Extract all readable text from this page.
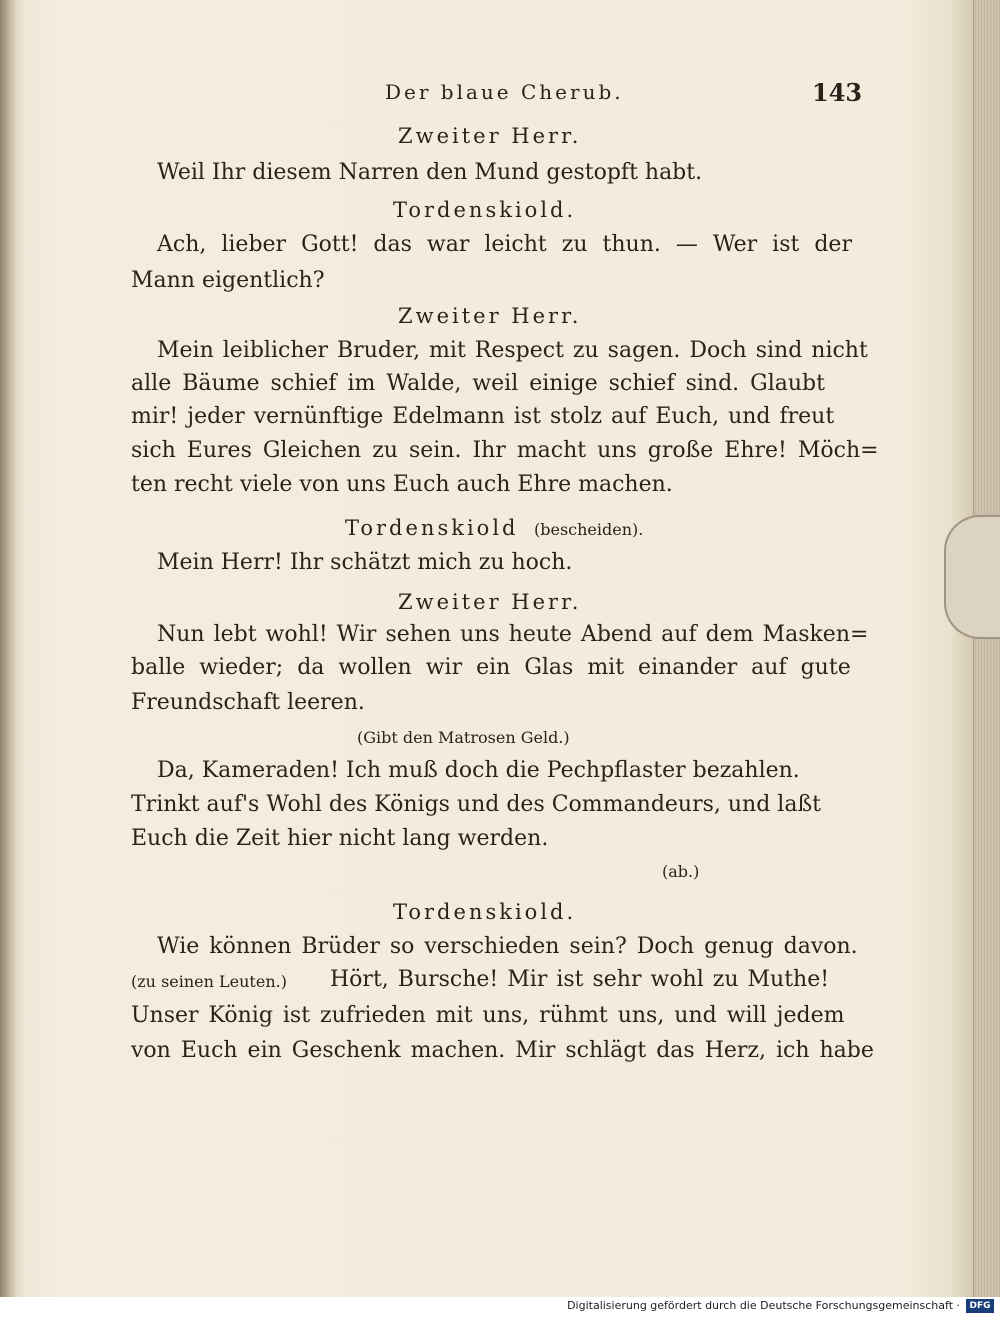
Der blaue Cherub.	143
Zweiter Herr.
Weil Ihr diesem Narren den Mund gestopft habt.
Tordenskiold.
Ach, lieber Gott! das war leicht zu thun. — Wer ist der
Mann eigentlich?
Zweiter Herr.
Mein leiblicher Bruder, mit Respect zu sagen. Doch sind nicht
alle Bäume schief im Walde, weil einige schief sind. Glaubt
mir! jeder vernünftige Edelmann ist stolz auf Euch, und freut
sich Eures Gleichen zu sein. Ihr macht uns große Ehre! Möch=
ten recht viele von uns Euch auch Ehre machen.
Tordenskiold (bescheiden).
Mein Herr! Ihr schätzt mich zu hoch.
Zweiter Herr.
Nun lebt wohl! Wir sehen uns heute Abend auf dem Masken=
balle wieder; da wollen wir ein Glas mit einander auf gute
Freundschaft leeren.
(Gibt den Matrosen Geld.)
Da, Kameraden! Ich muß doch die Pechpflaster bezahlen.
Trinkt auf's Wohl des Königs und des Commandeurs, und laßt
Euch die Zeit hier nicht lang werden.
(ab.)
Tordenskiold.
Wie können Brüder so verschieden sein? Doch genug davon.
(zu seinen Leuten.) Hört, Bursche! Mir ist sehr wohl zu Muthe!
Unser König ist zufrieden mit uns, rühmt uns, und will jedem
von Euch ein Geschenk machen. Mir schlägt das Herz, ich habe
Digitalisierung gefördert durch die Deutsche Forschungsgemeinschaft ·	DFG
